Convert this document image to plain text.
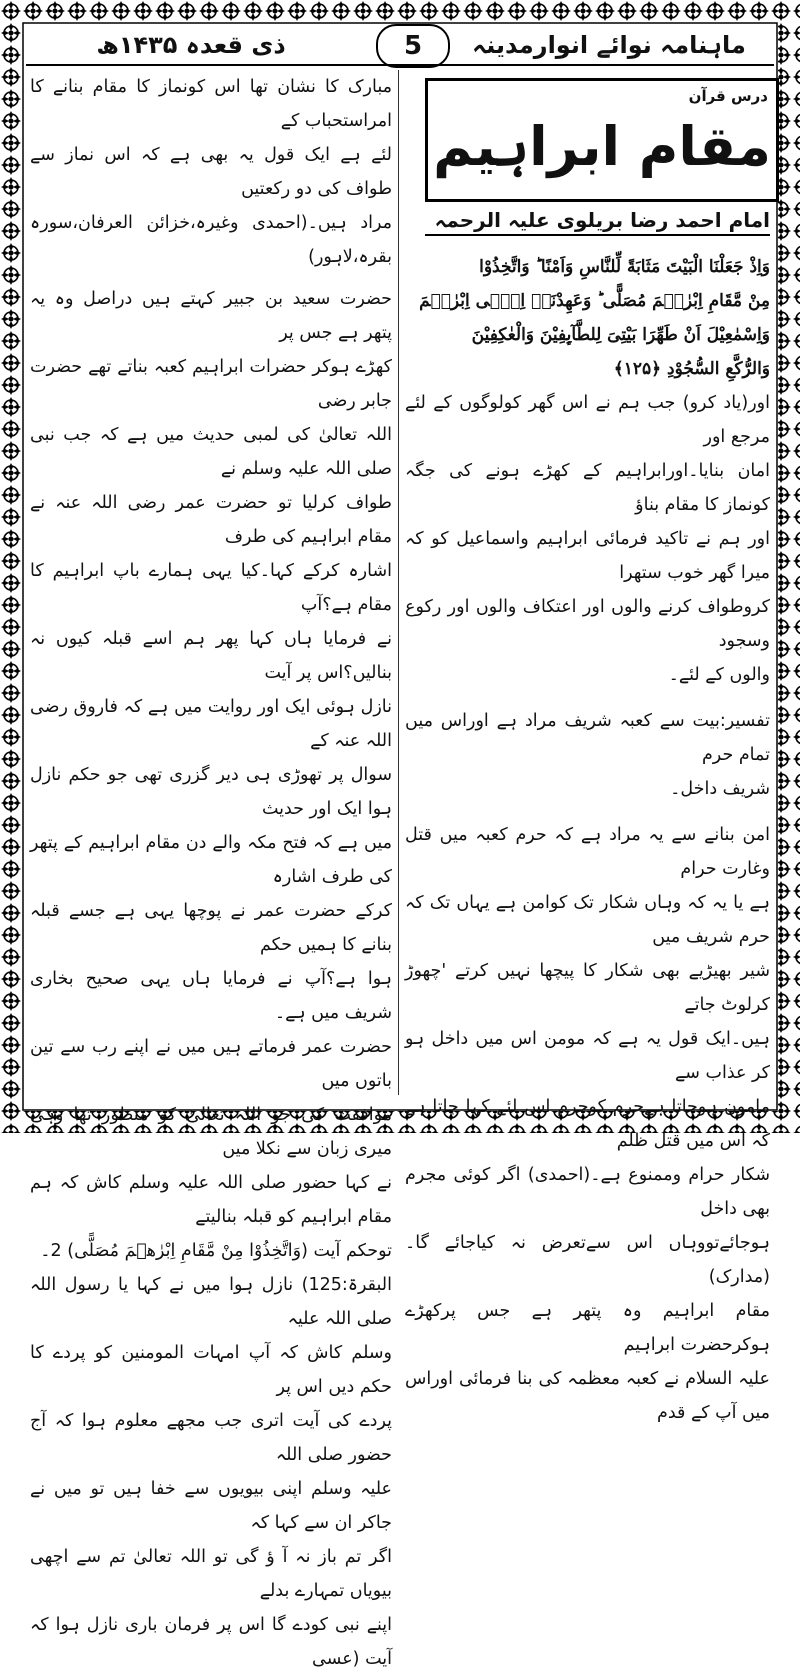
ذی قعدہ ۱۴۳۵ھ	5	ماہنامہ نوائے انوارمدینہ
درس قرآن
مقام ابراہیم
امام احمد رضا بریلوی علیہ الرحمہ

وَاِذْ جَعَلْنَا الْبَیْتَ مَثَابَةً لِّلنَّاسِ وَاَمْنًا ؕ وَاتَّخِذُوْا

مِنْ مَّقَامِ اِبْرٰهٖمَ مُصَلًّی ؕ وَعَهِدْنَاۤ اِلٰۤی اِبْرٰهٖمَ

وَاِسْمٰعِیْلَ اَنْ طَهِّرَا بَیْتِیَ لِلطَّآىِٕفِیْنَ وَالْعٰكِفِیْنَ

وَالرُّكَّعِ السُّجُوْدِ ﴿۱۲۵﴾

اور(یاد کرو) جب ہم نے اس گھر کولوگوں کے لئے مرجع اور

امان بنایا۔اورابراہیم کے کھڑے ہونے کی جگہ کونماز کا مقام بناؤ

اور ہم نے تاکید فرمائی ابراہیم واسماعیل کو کہ میرا گھر خوب ستھرا

کروطواف کرنے والوں اور اعتکاف والوں اور رکوع وسجود

والوں کے لئے۔

تفسیر:بیت سے کعبہ شریف مراد ہے اوراس میں تمام حرم

شریف داخل۔

امن بنانے سے یہ مراد ہے کہ حرم کعبہ میں قتل وغارت حرام

ہے یا یہ کہ وہاں شکار تک کوامن ہے یہاں تک کہ حرم شریف میں

شیر بھیڑیے بھی شکار کا پیچھا نہیں کرتے 'چھوڑ کرلوٹ جاتے

ہیں۔ایک قول یہ ہے کہ مومن اس میں داخل ہو کر عذاب سے

مامون ہوجاتا ہےحرم کوحرم اس لئے کہا جاتا ہے کہ اس میں قتل ظلم

شکار حرام وممنوع ہے۔(احمدی) اگر کوئی مجرم بھی داخل

ہوجائےتووہاں اس سےتعرض نہ کیاجائے گا۔(مدارک)

مقام ابراہیم وہ پتھر ہے جس پرکھڑے ہوکرحضرت ابراہیم

علیہ السلام نے کعبہ معظمہ کی بنا فرمائی اوراس میں آپ کے قدم

مبارک کا نشان تھا اس کونماز کا مقام بنانے کا امراستحباب کے

لئے ہے ایک قول یہ بھی ہے کہ اس نماز سے طواف کی دو رکعتیں

مراد ہیں۔(احمدی وغیرہ،خزائن العرفان،سورہ بقرہ،لاہور)

حضرت سعید بن جبیر کہتے ہیں دراصل وہ یہ پتھر ہے جس پر

کھڑے ہوکر حضرات ابراہیم کعبہ بناتے تھے حضرت جابر رضی

اللہ تعالیٰ کی لمبی حدیث میں ہے کہ جب نبی صلی اللہ علیہ وسلم نے

طواف کرلیا تو حضرت عمر رضی اللہ عنہ نے مقام ابراہیم کی طرف

اشارہ کرکے کہا۔کیا یہی ہمارے باپ ابراہیم کا مقام ہے؟آپ

نے فرمایا ہاں کہا پھر ہم اسے قبلہ کیوں نہ بنالیں؟اس پر آیت

نازل ہوئی ایک اور روایت میں ہے کہ فاروق رضی اللہ عنہ کے

سوال پر تھوڑی ہی دیر گزری تھی جو حکم نازل ہوا ایک اور حدیث

میں ہے کہ فتح مکہ والے دن مقام ابراہیم کے پتھر کی طرف اشارہ

کرکے حضرت عمر نے پوچھا یہی ہے جسے قبلہ بنانے کا ہمیں حکم

ہوا ہے؟آپ نے فرمایا ہاں یہی صحیح بخاری شریف میں ہے۔

حضرت عمر فرماتے ہیں میں نے اپنے رب سے تین باتوں میں

موافقت کی جو اللہ تعالیٰ کو منظور تھا وہی میری زبان سے نکلا میں

نے کہا حضور صلی اللہ علیہ وسلم کاش کہ ہم مقام ابراہیم کو قبلہ بنالیتے

توحکم آیت (وَاتَّخِذُوْا مِنْ مَّقَامِ اِبْرٰهٖمَ مُصَلًّی) 2۔

البقرۃ:125) نازل ہوا میں نے کہا یا رسول اللہ صلی اللہ علیہ

وسلم کاش کہ آپ امہات المومنین کو پردے کا حکم دیں اس پر

پردے کی آیت اتری جب مجھے معلوم ہوا کہ آج حضور صلی اللہ

علیہ وسلم اپنی بیویوں سے خفا ہیں تو میں نے جاکر ان سے کہا کہ

اگر تم باز نہ آ ؤ گی تو اللہ تعالیٰ تم سے اچھی بیویاں تمہارے بدلے

اپنے نبی کودے گا اس پر فرمان باری نازل ہوا کہ آیت (عسی
